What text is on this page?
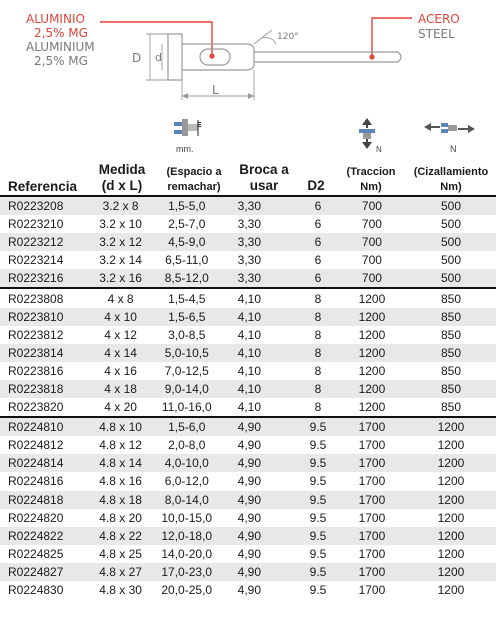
ALUMINIO
2,5% MG
ALUMINIUM
2,5% MG
ACERO
STEEL
D d
L
120°
E
mm.	N	N
Referencia
Medida
(d x L)
(Espacio a
remachar)
Broca a
usar	D2
(Traccion
Nm)
(Cizallamiento
Nm)
R0223208	3.2 x 8	1,5-5,0	3,30	6	700	500
R0223210	3.2 x 10	2,5-7,0	3,30	6	700	500
R0223212	3.2 x 12	4,5-9,0	3,30	6	700	500
R0223214	3.2 x 14	6,5-11,0	3,30	6	700	500
R0223216	3.2 x 16	8,5-12,0	3,30	6	700	500
R0223808	4 x 8	1,5-4,5	4,10	8	1200	850
R0223810	4 x 10	1,5-6,5	4,10	8	1200	850
R0223812	4 x 12	3,0-8,5	4,10	8	1200	850
R0223814	4 x 14	5,0-10,5	4,10	8	1200	850
R0223816	4 x 16	7,0-12,5	4,10	8	1200	850
R0223818	4 x 18	9,0-14,0	4,10	8	1200	850
R0223820	4 x 20	11,0-16,0	4,10	8	1200	850
R0224810	4.8 x 10	1,5-6,0	4,90	9.5	1700	1200
R0224812	4.8 x 12	2,0-8,0	4,90	9.5	1700	1200
R0224814	4.8 x 14	4,0-10,0	4,90	9.5	1700	1200
R0224816	4.8 x 16	6,0-12,0	4,90	9.5	1700	1200
R0224818	4.8 x 18	8,0-14,0	4,90	9.5	1700	1200
R0224820	4.8 x 20	10,0-15,0	4,90	9.5	1700	1200
R0224822	4.8 x 22	12,0-18,0	4,90	9.5	1700	1200
R0224825	4.8 x 25	14,0-20,0	4,90	9.5	1700	1200
R0224827	4.8 x 27	17,0-23,0	4,90	9.5	1700	1200
R0224830	4.8 x 30	20,0-25,0	4,90	9.5	1700	1200
